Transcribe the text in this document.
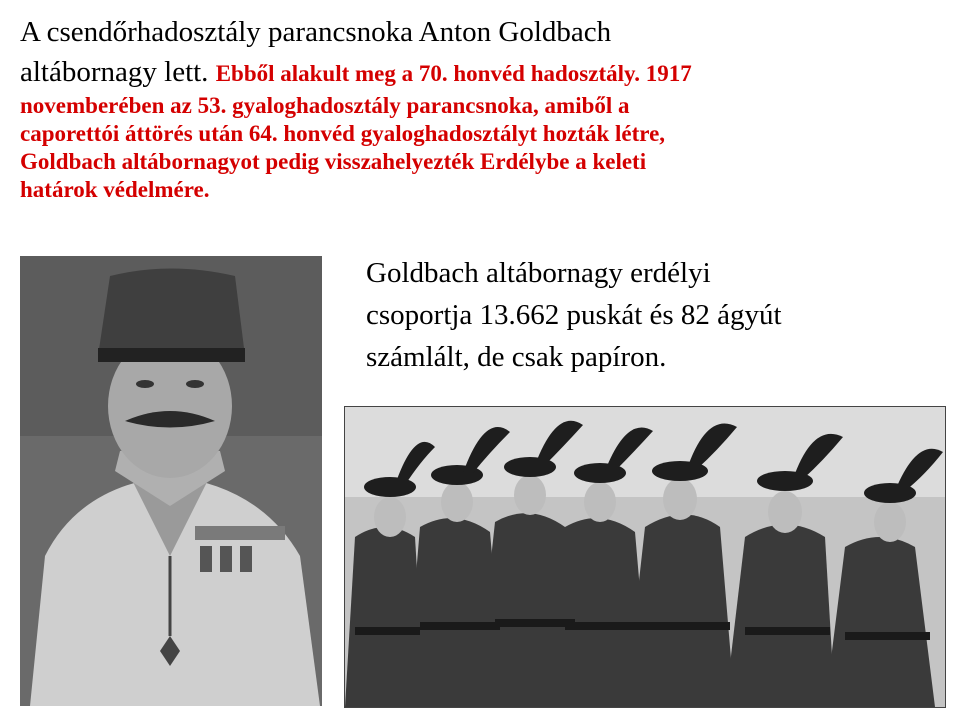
A csendőrhadosztály parancsnoka Anton Goldbach
altábornagy lett. Ebből alakult meg a 70. honvéd hadosztály. 1917
novemberében az 53. gyaloghadosztály parancsnoka, amiből a
caporettói áttörés után 64. honvéd gyaloghadosztályt hozták létre,
Goldbach altábornagyot pedig visszahelyezték Erdélybe a keleti
határok védelmére.
Goldbach altábornagy erdélyi
csoportja 13.662 puskát és 82 ágyút
számlált, de csak papíron.
